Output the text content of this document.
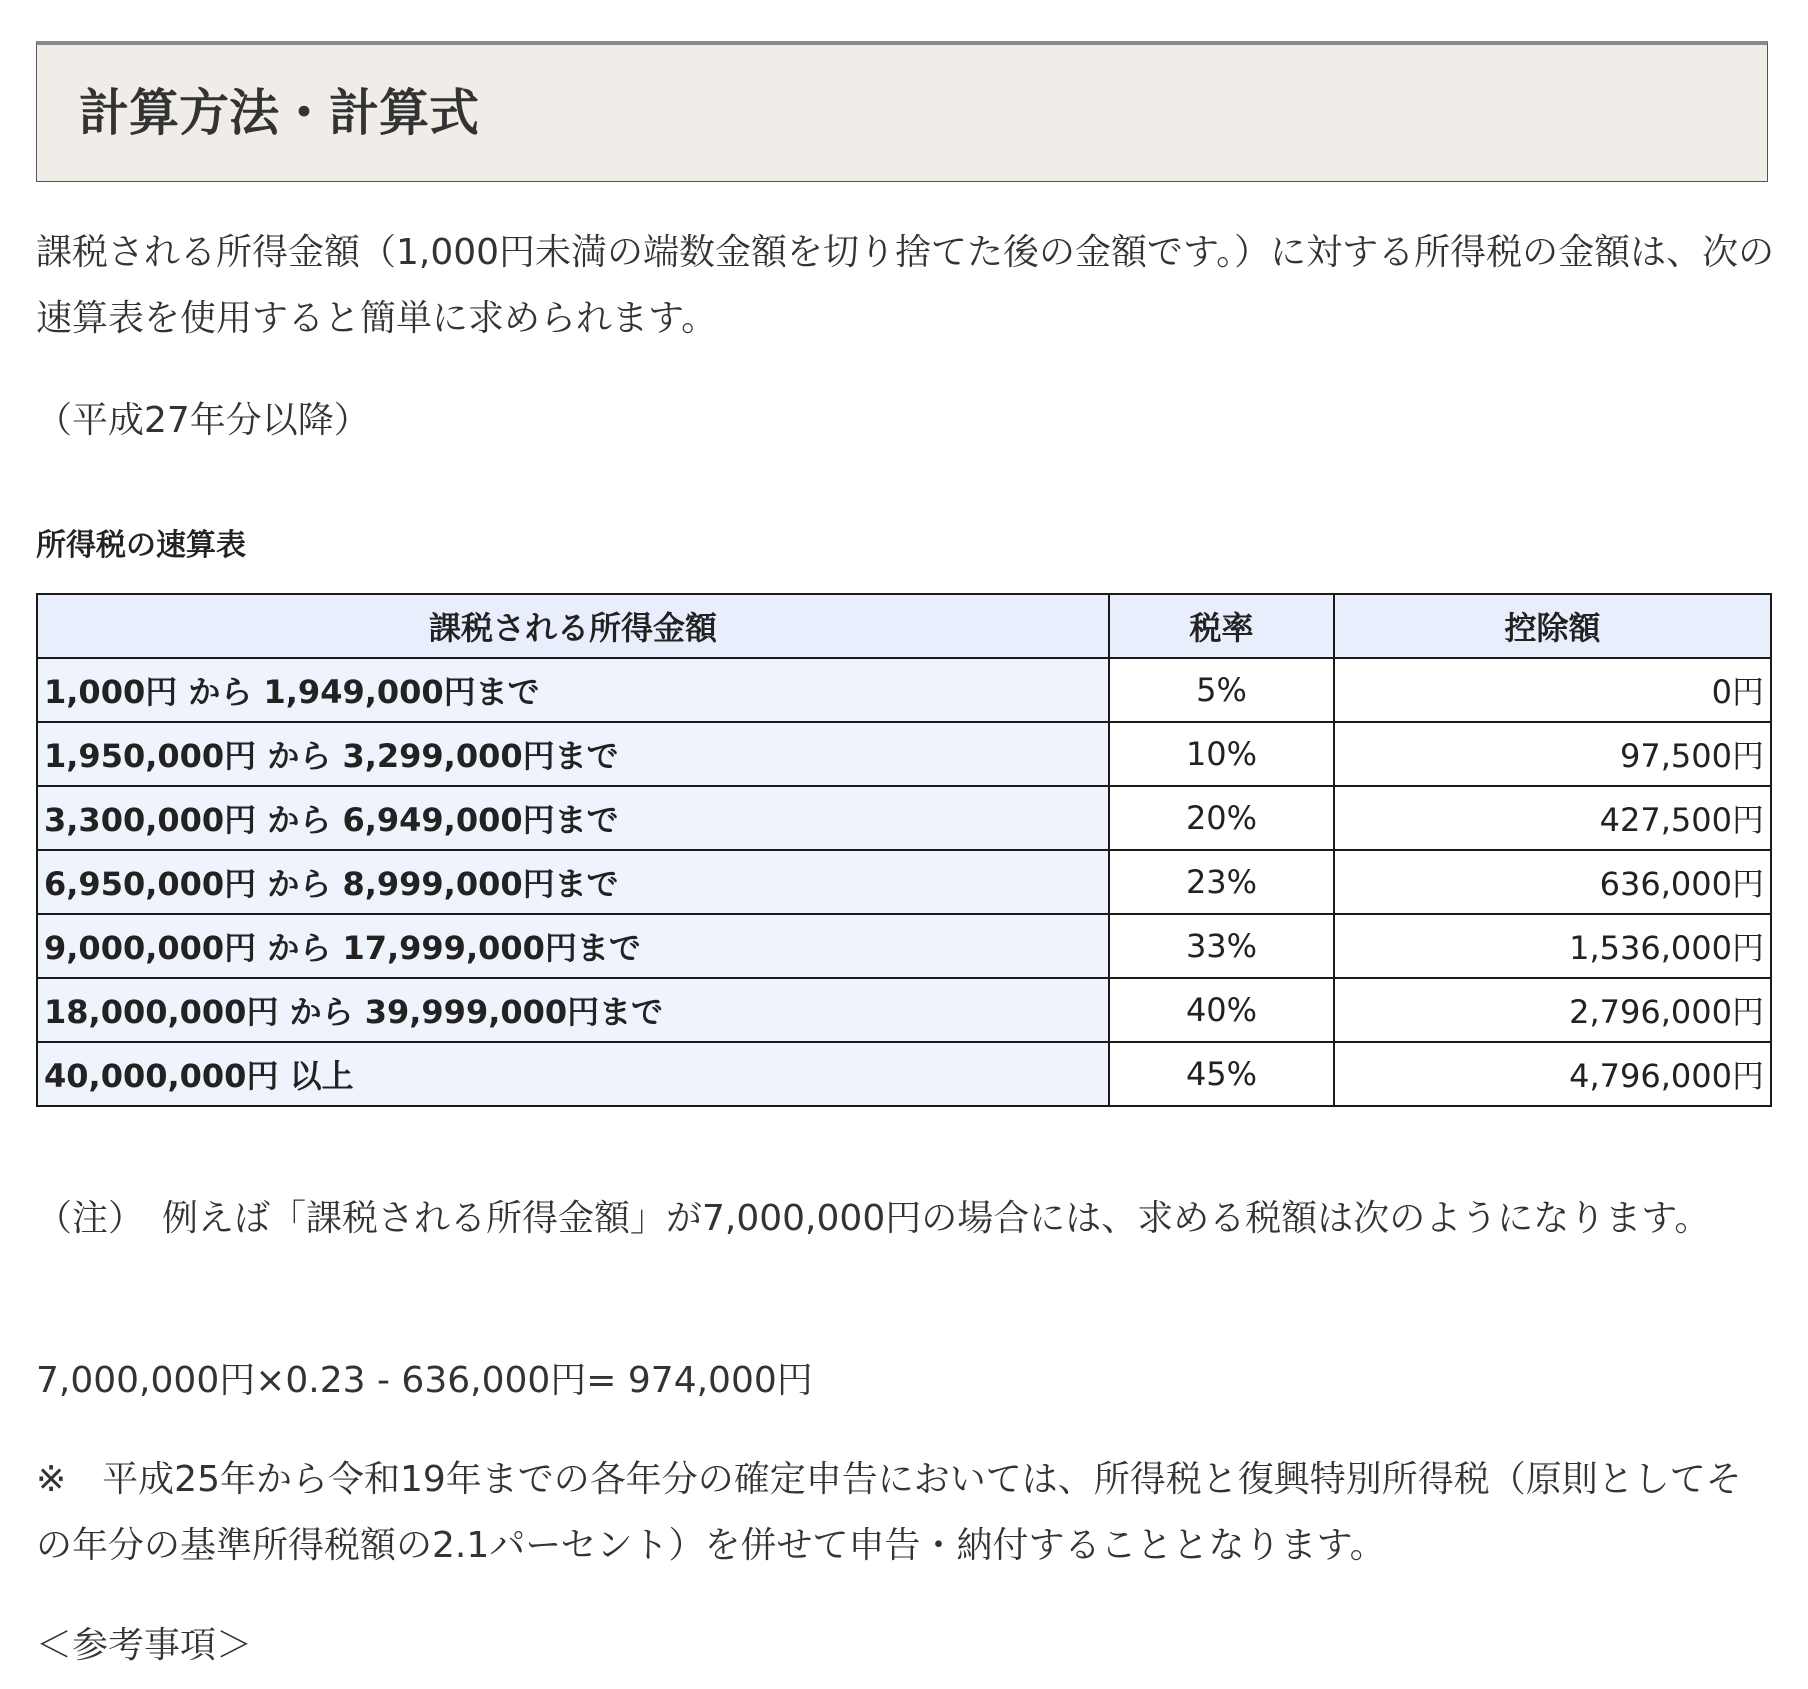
計算方法・計算式

課税される所得金額（1,000円未満の端数金額を切り捨てた後の金額です。）に対する所得税の金額は、次の速算表を使用すると簡単に求められます。

（平成27年分以降）

所得税の速算表

課税される所得金額	税率	控除額
1,000円 から 1,949,000円まで	5%	0円
1,950,000円 から 3,299,000円まで	10%	97,500円
3,300,000円 から 6,949,000円まで	20%	427,500円
6,950,000円 から 8,999,000円まで	23%	636,000円
9,000,000円 から 17,999,000円まで	33%	1,536,000円
18,000,000円 から 39,999,000円まで	40%	2,796,000円
40,000,000円 以上	45%	4,796,000円

（注）　例えば「課税される所得金額」が7,000,000円の場合には、求める税額は次のようになります。

7,000,000円×0.23 - 636,000円= 974,000円

※　平成25年から令和19年までの各年分の確定申告においては、所得税と復興特別所得税（原則としてその年分の基準所得税額の2.1パーセント）を併せて申告・納付することとなります。

＜参考事項＞
